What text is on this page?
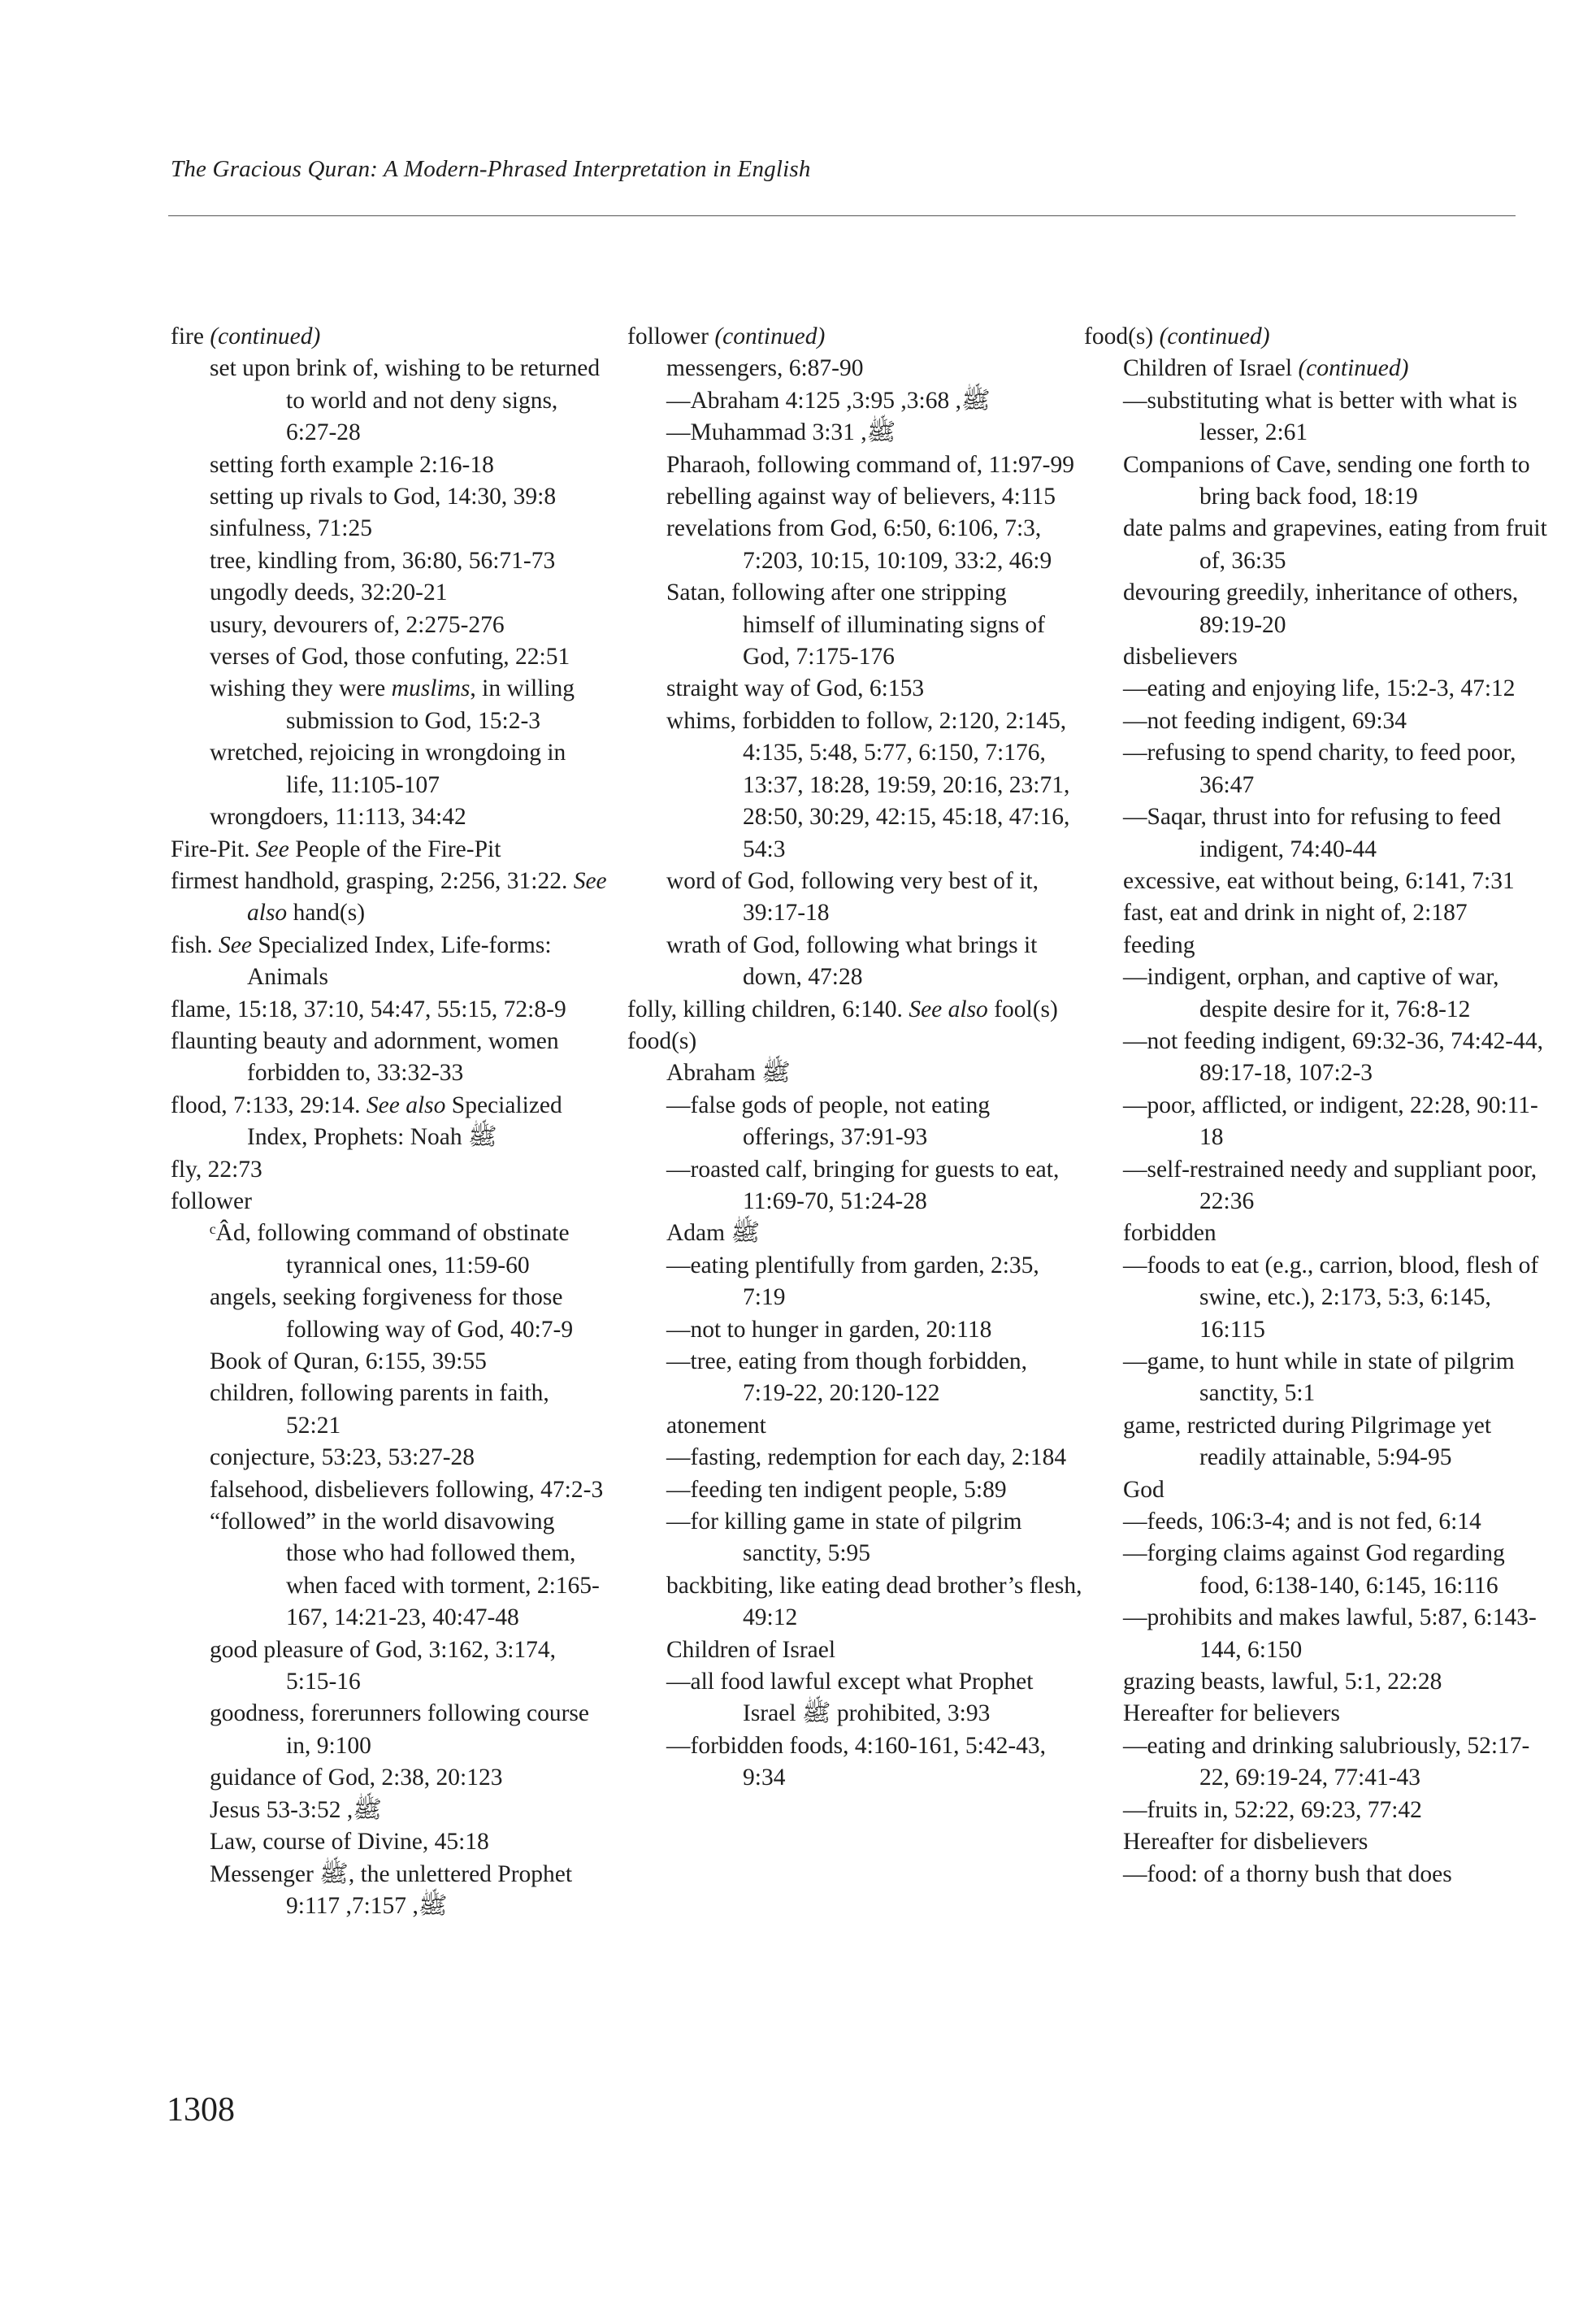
The Gracious Quran: A Modern-Phrased Interpretation in English
fire (continued)
set upon brink of, wishing to be returned to world and not deny signs, 6:27-28
setting forth example 2:16-18
setting up rivals to God, 14:30, 39:8
sinfulness, 71:25
tree, kindling from, 36:80, 56:71-73
ungodly deeds, 32:20-21
usury, devourers of, 2:275-276
verses of God, those confuting, 22:51
wishing they were muslims, in willing submission to God, 15:2-3
wretched, rejoicing in wrongdoing in life, 11:105-107
wrongdoers, 11:113, 34:42
Fire-Pit. See People of the Fire-Pit
firmest handhold, grasping, 2:256, 31:22. See also hand(s)
fish. See Specialized Index, Life-forms: Animals
flame, 15:18, 37:10, 54:47, 55:15, 72:8-9
flaunting beauty and adornment, women forbidden to, 33:32-33
flood, 7:133, 29:14. See also Specialized Index, Prophets: Noah ﷺ
fly, 22:73
follower
ᶜÂd, following command of obstinate tyrannical ones, 11:59-60
angels, seeking forgiveness for those following way of God, 40:7-9
Book of Quran, 6:155, 39:55
children, following parents in faith, 52:21
conjecture, 53:23, 53:27-28
falsehood, disbelievers following, 47:2-3
“followed” in the world disavowing those who had followed them, when faced with torment, 2:165-167, 14:21-23, 40:47-48
good pleasure of God, 3:162, 3:174, 5:15-16
goodness, forerunners following course in, 9:100
guidance of God, 2:38, 20:123
Jesus ﷺ, 3:52-53
Law, course of Divine, 45:18
Messenger ﷺ, the unlettered Prophet ﷺ, 7:157, 9:117
follower (continued)
messengers, 6:87-90
—Abraham ﷺ, 3:68, 3:95, 4:125
—Muhammad ﷺ, 3:31
Pharaoh, following command of, 11:97-99
rebelling against way of believers, 4:115
revelations from God, 6:50, 6:106, 7:3, 7:203, 10:15, 10:109, 33:2, 46:9
Satan, following after one stripping himself of illuminating signs of God, 7:175-176
straight way of God, 6:153
whims, forbidden to follow, 2:120, 2:145, 4:135, 5:48, 5:77, 6:150, 7:176, 13:37, 18:28, 19:59, 20:16, 23:71, 28:50, 30:29, 42:15, 45:18, 47:16, 54:3
word of God, following very best of it, 39:17-18
wrath of God, following what brings it down, 47:28
folly, killing children, 6:140. See also fool(s)
food(s)
Abraham ﷺ
—false gods of people, not eating offerings, 37:91-93
—roasted calf, bringing for guests to eat, 11:69-70, 51:24-28
Adam ﷺ
—eating plentifully from garden, 2:35, 7:19
—not to hunger in garden, 20:118
—tree, eating from though forbidden, 7:19-22, 20:120-122
atonement
—fasting, redemption for each day, 2:184
—feeding ten indigent people, 5:89
—for killing game in state of pilgrim sanctity, 5:95
backbiting, like eating dead brother’s flesh, 49:12
Children of Israel
—all food lawful except what Prophet Israel ﷺ prohibited, 3:93
—forbidden foods, 4:160-161, 5:42-43, 9:34
food(s) (continued)
Children of Israel (continued)
—substituting what is better with what is lesser, 2:61
Companions of Cave, sending one forth to bring back food, 18:19
date palms and grapevines, eating from fruit of, 36:35
devouring greedily, inheritance of others, 89:19-20
disbelievers
—eating and enjoying life, 15:2-3, 47:12
—not feeding indigent, 69:34
—refusing to spend charity, to feed poor, 36:47
—Saqar, thrust into for refusing to feed indigent, 74:40-44
excessive, eat without being, 6:141, 7:31
fast, eat and drink in night of, 2:187
feeding
—indigent, orphan, and captive of war, despite desire for it, 76:8-12
—not feeding indigent, 69:32-36, 74:42-44, 89:17-18, 107:2-3
—poor, afflicted, or indigent, 22:28, 90:11-18
—self-restrained needy and suppliant poor, 22:36
forbidden
—foods to eat (e.g., carrion, blood, flesh of swine, etc.), 2:173, 5:3, 6:145, 16:115
—game, to hunt while in state of pilgrim sanctity, 5:1
game, restricted during Pilgrimage yet readily attainable, 5:94-95
God
—feeds, 106:3-4; and is not fed, 6:14
—forging claims against God regarding food, 6:138-140, 6:145, 16:116
—prohibits and makes lawful, 5:87, 6:143-144, 6:150
grazing beasts, lawful, 5:1, 22:28
Hereafter for believers
—eating and drinking salubriously, 52:17-22, 69:19-24, 77:41-43
—fruits in, 52:22, 69:23, 77:42
Hereafter for disbelievers
—food: of a thorny bush that does
1308
